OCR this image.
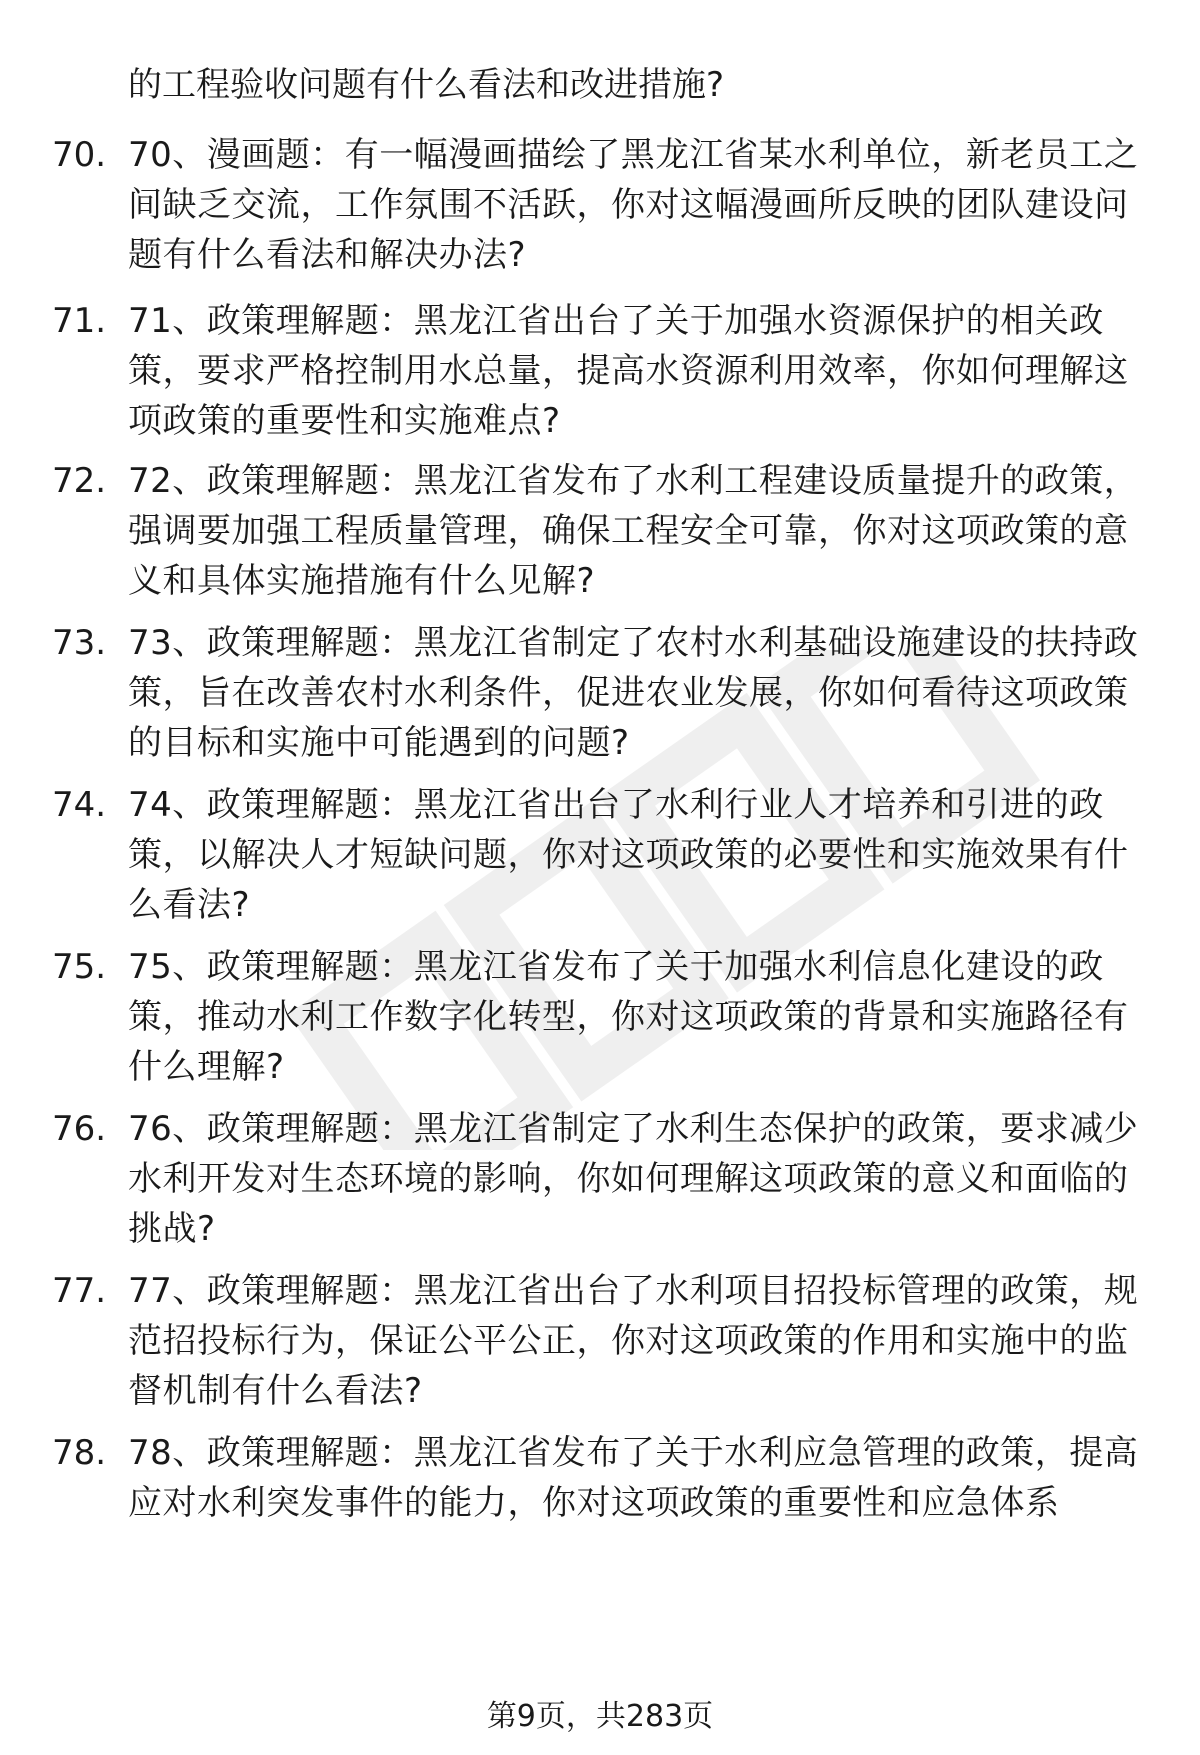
的工程验收问题有什么看法和改进措施?
70. 70、漫画题：有一幅漫画描绘了黑龙江省某水利单位，新老员工之间缺乏交流，工作氛围不活跃，你对这幅漫画所反映的团队建设问题有什么看法和解决办法?
71. 71、政策理解题：黑龙江省出台了关于加强水资源保护的相关政策，要求严格控制用水总量，提高水资源利用效率，你如何理解这项政策的重要性和实施难点?
72. 72、政策理解题：黑龙江省发布了水利工程建设质量提升的政策，强调要加强工程质量管理，确保工程安全可靠，你对这项政策的意义和具体实施措施有什么见解?
73. 73、政策理解题：黑龙江省制定了农村水利基础设施建设的扶持政策，旨在改善农村水利条件，促进农业发展，你如何看待这项政策的目标和实施中可能遇到的问题?
74. 74、政策理解题：黑龙江省出台了水利行业人才培养和引进的政策，以解决人才短缺问题，你对这项政策的必要性和实施效果有什么看法?
75. 75、政策理解题：黑龙江省发布了关于加强水利信息化建设的政策，推动水利工作数字化转型，你对这项政策的背景和实施路径有什么理解?
76. 76、政策理解题：黑龙江省制定了水利生态保护的政策，要求减少水利开发对生态环境的影响，你如何理解这项政策的意义和面临的挑战?
77. 77、政策理解题：黑龙江省出台了水利项目招投标管理的政策，规范招投标行为，保证公平公正，你对这项政策的作用和实施中的监督机制有什么看法?
78. 78、政策理解题：黑龙江省发布了关于水利应急管理的政策，提高应对水利突发事件的能力，你对这项政策的重要性和应急体系
第9页，共283页
